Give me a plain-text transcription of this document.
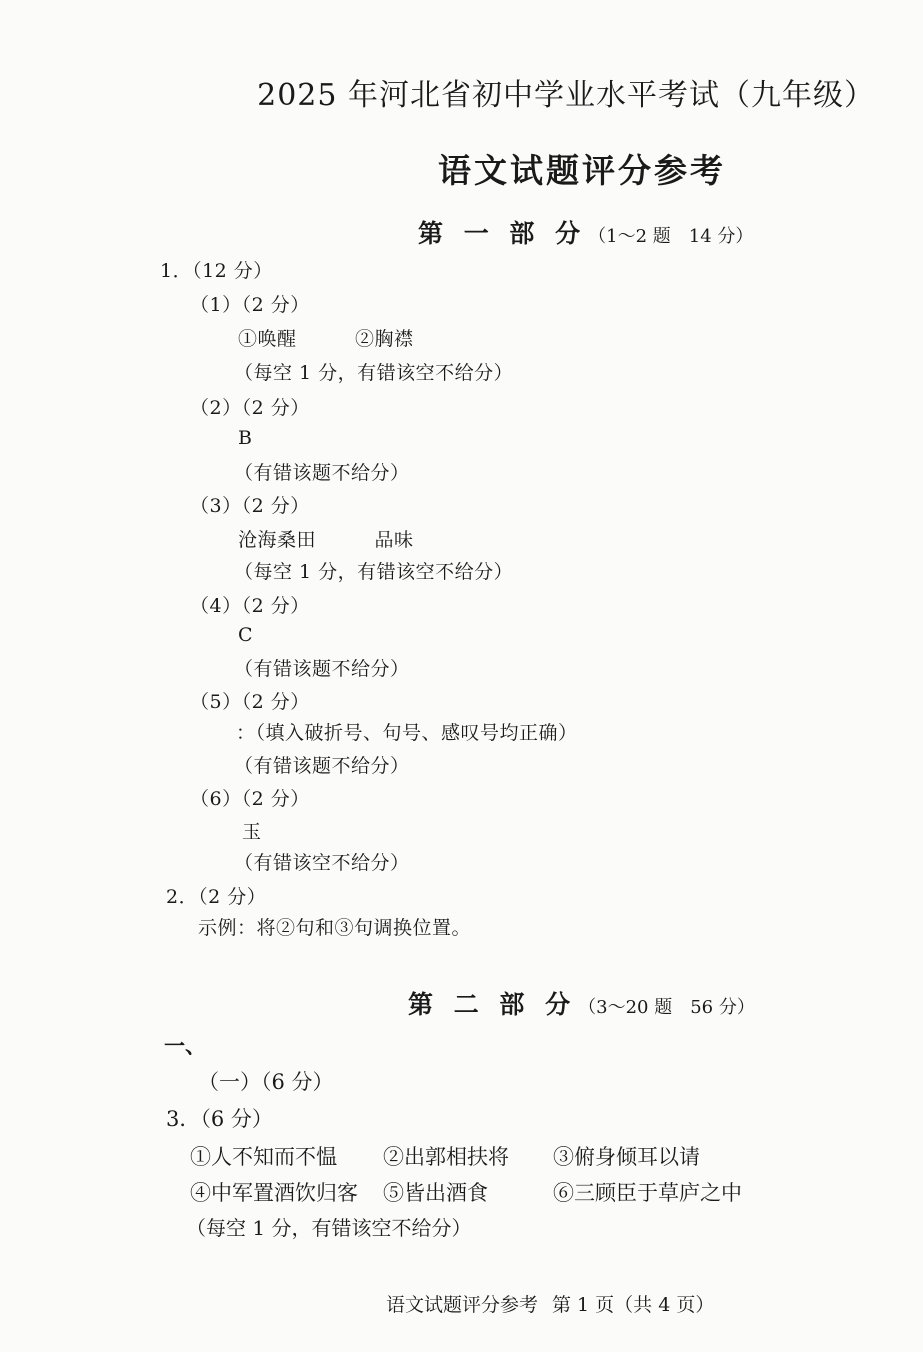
2025 年河北省初中学业水平考试（九年级）
语文试题评分参考
第 一 部 分 （1～2 题　14 分）
1．（12 分）
（1）（2 分）
①唤醒　　　②胸襟
（每空 1 分，有错该空不给分）
（2）（2 分）
B
（有错该题不给分）
（3）（2 分）
沧海桑田　　　品味
（每空 1 分，有错该空不给分）
（4）（2 分）
C
（有错该题不给分）
（5）（2 分）
：（填入破折号、句号、感叹号均正确）
（有错该题不给分）
（6）（2 分）
玉
（有错该空不给分）
2．（2 分）
示例：将②句和③句调换位置。
第 二 部 分 （3～20 题　56 分）
一、
（一）（6 分）
3．（6 分）
①人不知而不愠 ②出郭相扶将 ③俯身倾耳以请
④中军置酒饮归客 ⑤皆出酒食	⑥三顾臣于草庐之中
（每空 1 分，有错该空不给分）
语文试题评分参考 第 1 页（共 4 页）
